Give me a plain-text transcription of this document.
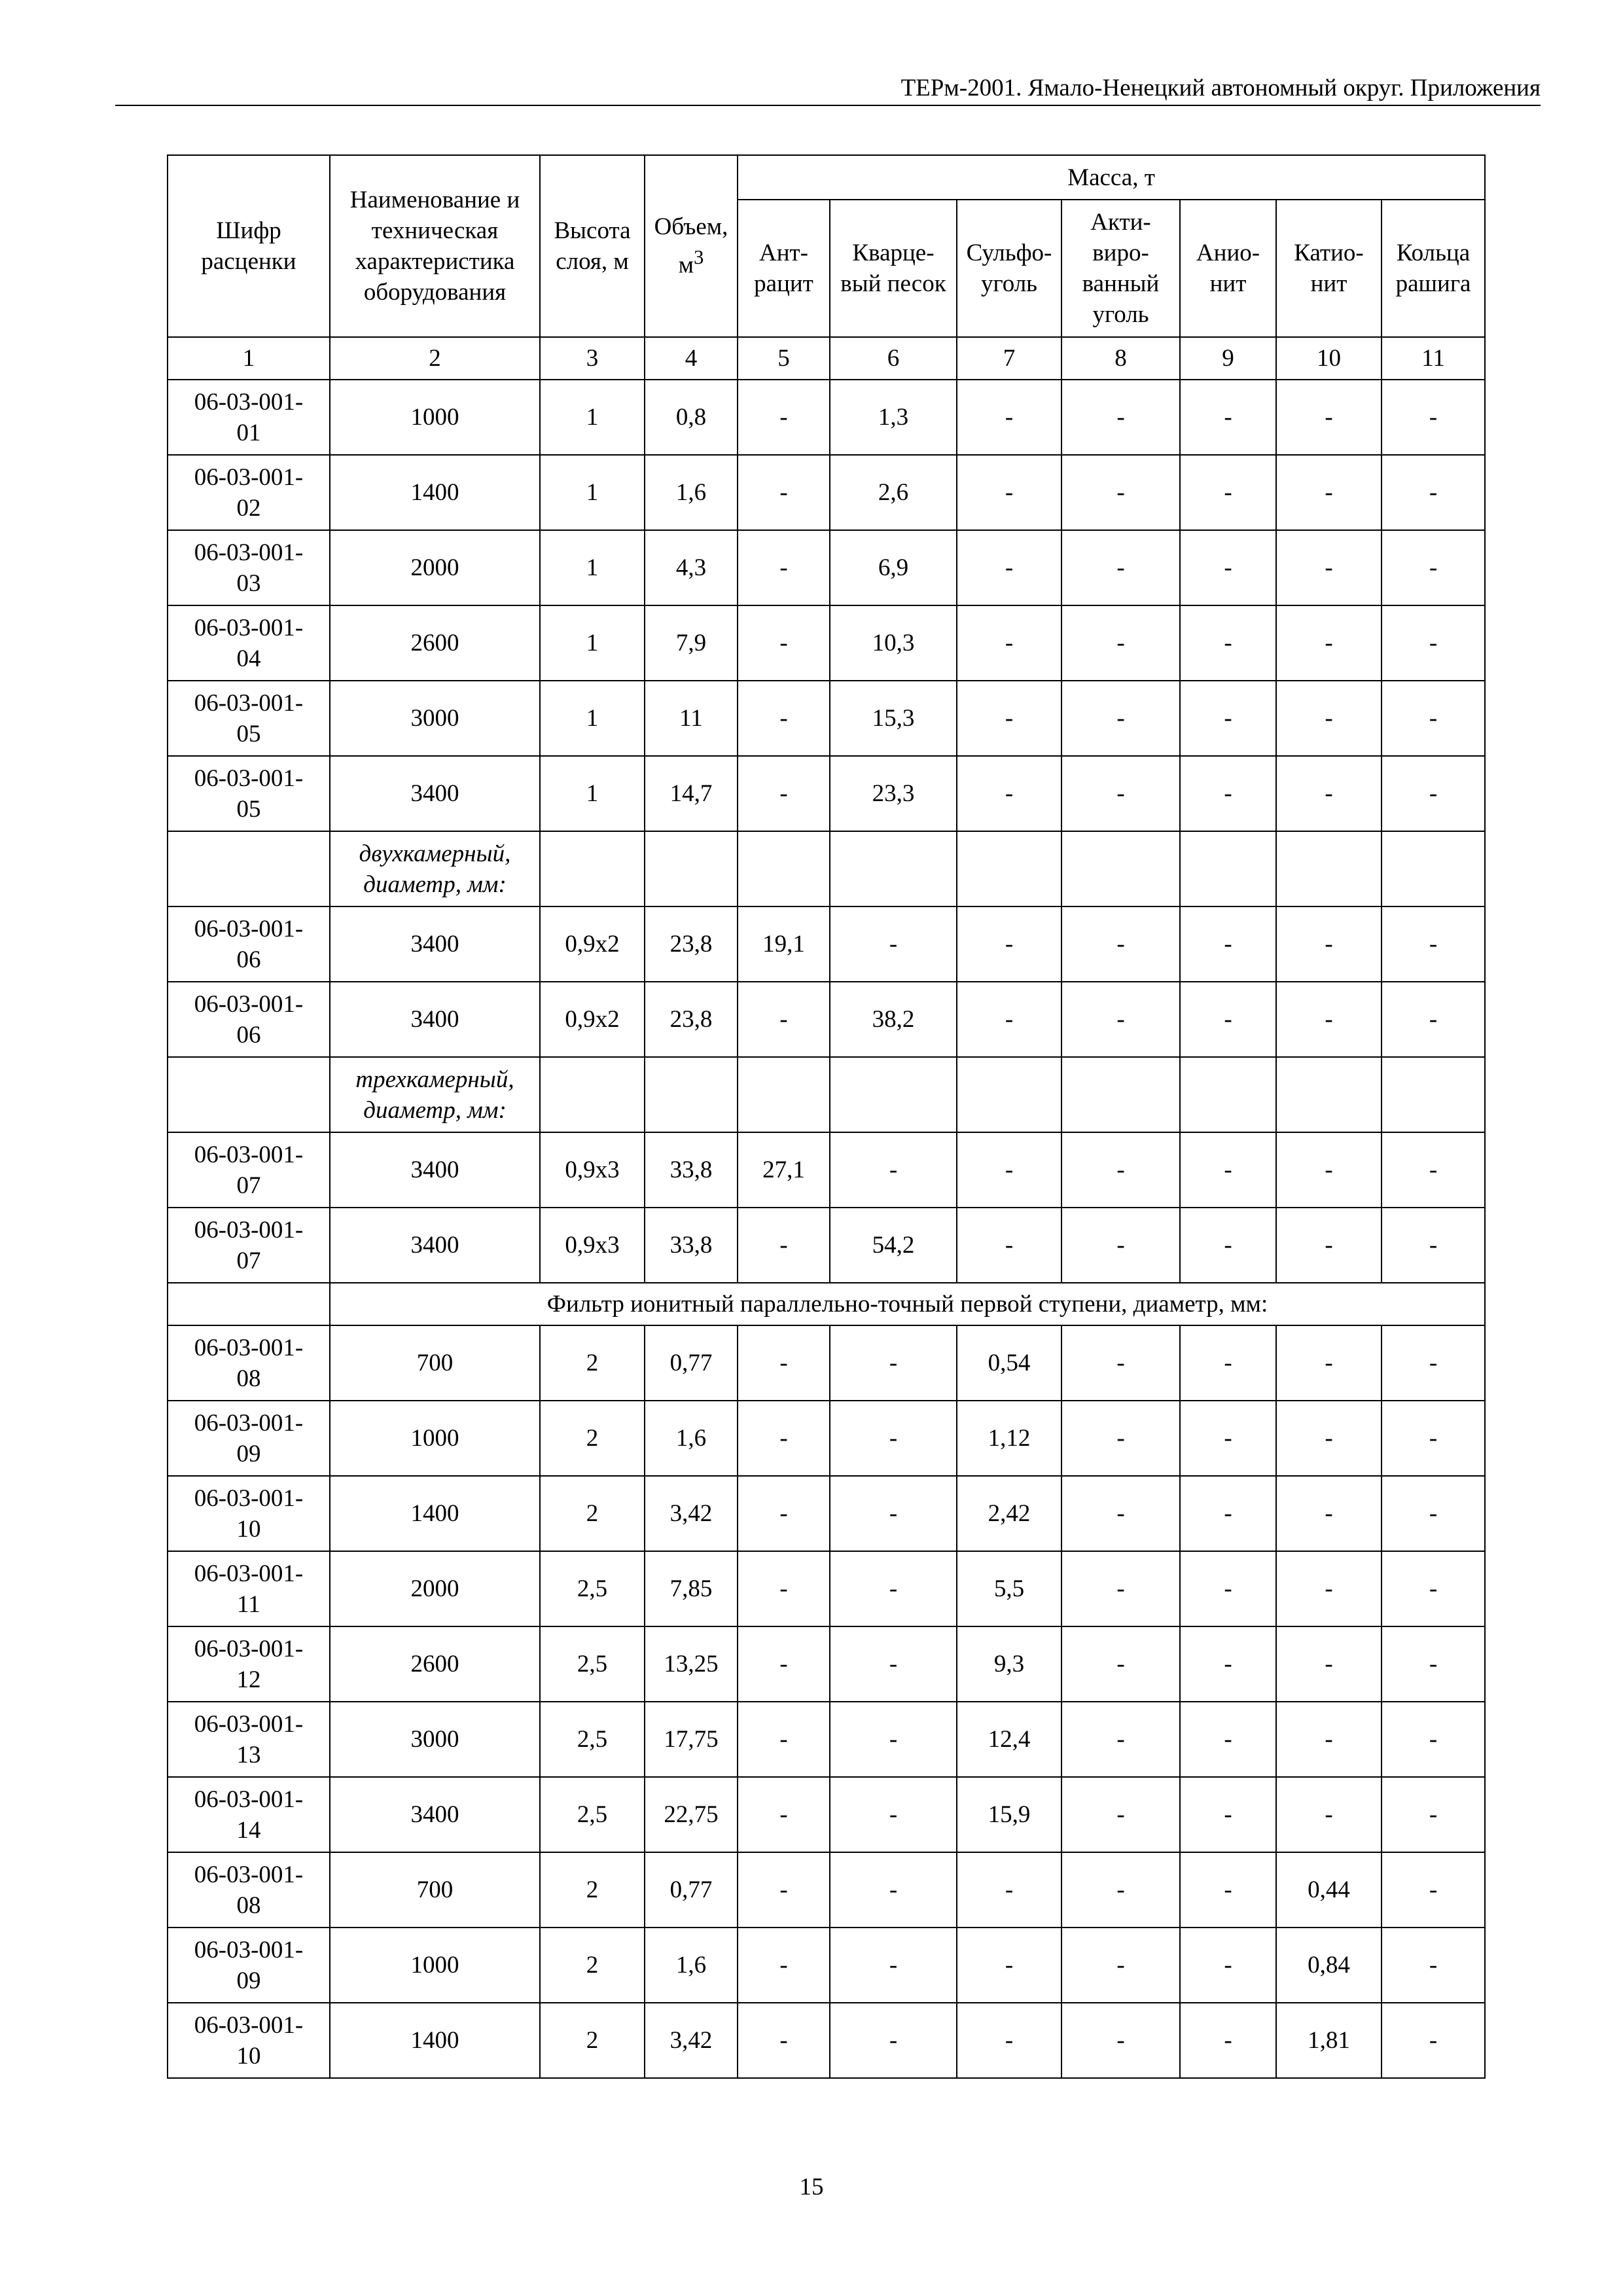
ТЕРм-2001. Ямало-Ненецкий автономный округ. Приложения
Шифр расценки	Наименование и техническая характеристика оборудования	Высота слоя, м	Объем, $м^3$	Масса, т						
				Ант-рацит	Кварце-вый песок	Сульфо-уголь	Акти-виро-ванный уголь	Анио-нит	Катио-нит	Кольца рашига
1	2	3	4	5	6	7	8	9	10	11
06-03-001-
01	1000	1	0,8	-	1,3	-	-	-	-	-
06-03-001-
02	1400	1	1,6	-	2,6	-	-	-	-	-
06-03-001-
03	2000	1	4,3	-	6,9	-	-	-	-	-
06-03-001-
04	2600	1	7,9	-	10,3	-	-	-	-	-
06-03-001-
05	3000	1	11	-	15,3	-	-	-	-	-
06-03-001-
05	3400	1	14,7	-	23,3	-	-	-	-	-
	двухкамерный,
диаметр, мм:									
06-03-001-
06	3400	0,9x2	23,8	19,1	-	-	-	-	-	-
06-03-001-
06	3400	0,9x2	23,8	-	38,2	-	-	-	-	-
	трехкамерный,
диаметр, мм:									
06-03-001-
07	3400	0,9x3	33,8	27,1	-	-	-	-	-	-
06-03-001-
07	3400	0,9x3	33,8	-	54,2	-	-	-	-	-
	Фильтр ионитный параллельно-точный первой ступени, диаметр, мм:									
06-03-001-
08	700	2	0,77	-	-	0,54	-	-	-	-
06-03-001-
09	1000	2	1,6	-	-	1,12	-	-	-	-
06-03-001-
10	1400	2	3,42	-	-	2,42	-	-	-	-
06-03-001-
11	2000	2,5	7,85	-	-	5,5	-	-	-	-
06-03-001-
12	2600	2,5	13,25	-	-	9,3	-	-	-	-
06-03-001-
13	3000	2,5	17,75	-	-	12,4	-	-	-	-
06-03-001-
14	3400	2,5	22,75	-	-	15,9	-	-	-	-
06-03-001-
08	700	2	0,77	-	-	-	-	-	0,44	-
06-03-001-
09	1000	2	1,6	-	-	-	-	-	0,84	-
06-03-001-
10	1400	2	3,42	-	-	-	-	-	1,81	-
15
